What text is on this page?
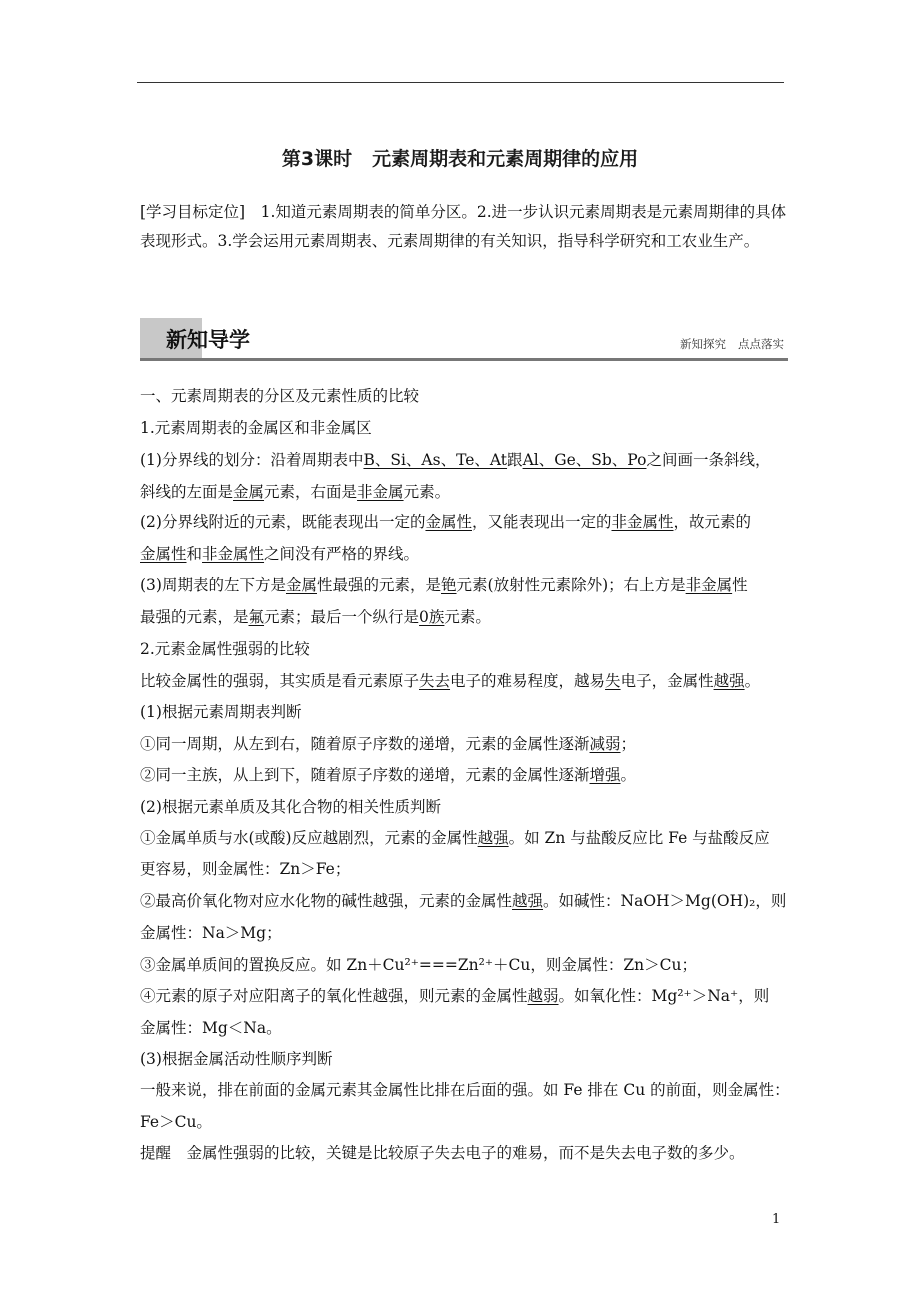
第3课时 元素周期表和元素周期律的应用
[学习目标定位]　1.知道元素周期表的简单分区。2.进一步认识元素周期表是元素周期律的具体表现形式。3.学会运用元素周期表、元素周期律的有关知识，指导科学研究和工农业生产。
新知导学	新知探究 点点落实
一、元素周期表的分区及元素性质的比较
1.元素周期表的金属区和非金属区
(1)分界线的划分：沿着周期表中B、Si、As、Te、At跟Al、Ge、Sb、Po之间画一条斜线，
斜线的左面是金属元素，右面是非金属元素。
(2)分界线附近的元素，既能表现出一定的金属性，又能表现出一定的非金属性，故元素的
金属性和非金属性之间没有严格的界线。
(3)周期表的左下方是金属性最强的元素，是铯元素(放射性元素除外)；右上方是非金属性
最强的元素，是氟元素；最后一个纵行是0族元素。
2.元素金属性强弱的比较
比较金属性的强弱，其实质是看元素原子失去电子的难易程度，越易失电子，金属性越强。
(1)根据元素周期表判断
①同一周期，从左到右，随着原子序数的递增，元素的金属性逐渐减弱；
②同一主族，从上到下，随着原子序数的递增，元素的金属性逐渐增强。
(2)根据元素单质及其化合物的相关性质判断
①金属单质与水(或酸)反应越剧烈，元素的金属性越强。如 Zn 与盐酸反应比 Fe 与盐酸反应
更容易，则金属性：Zn＞Fe；
②最高价氧化物对应水化物的碱性越强，元素的金属性越强。如碱性：NaOH＞Mg(OH)₂，则
金属性：Na＞Mg；
③金属单质间的置换反应。如 Zn＋Cu²⁺===Zn²⁺＋Cu，则金属性：Zn＞Cu；
④元素的原子对应阳离子的氧化性越强，则元素的金属性越弱。如氧化性：Mg²⁺＞Na⁺，则
金属性：Mg＜Na。
(3)根据金属活动性顺序判断
一般来说，排在前面的金属元素其金属性比排在后面的强。如 Fe 排在 Cu 的前面，则金属性：
Fe＞Cu。
提醒　金属性强弱的比较，关键是比较原子失去电子的难易，而不是失去电子数的多少。
1
